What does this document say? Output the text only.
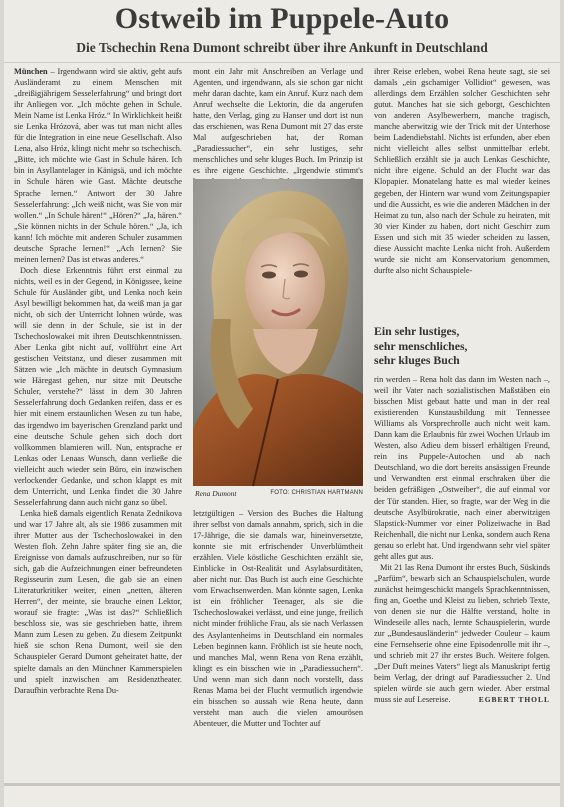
Ostweib im Puppele-Auto
Die Tschechin Rena Dumont schreibt über ihre Ankunft in Deutschland

München – Irgendwann wird sie aktiv, geht aufs Ausländeramt zu einem Menschen mit „dreißigjährigem Sesselerfahrung“ und bringt dort ihr Anliegen vor. „Ich möchte gehen in Schule. Mein Name ist Lenka Hróz.“ In Wirklichkeit heißt sie Lenka Hrózová, aber was tut man nicht alles für die Integration in eine neue Gesellschaft. Also Lena, also Hróz, klingt nicht mehr so tschechisch. „Bitte, ich möchte wie Gast in Schule hären. Ich bin in Asyllantelager in Känigsä, und ich möchte in Schule hären wie Gast. Mächte deutsche Sprache lernen.“ Antwort der 30 Jahre Sesselerfahrung: „Ich weiß nicht, was Sie von mir wollen.“ „In Schule hären!“ „Hören?“ „Ja, hären.“ „Sie können nichts in der Schule hören.“ „Ja, ich kann! Ich möchte mit anderen Schuler zusammen deutsche Sprache lernen!“ „Ach lernen? Sie meinen lernen? Das ist etwas anderes.“

Doch diese Erkenntnis führt erst einmal zu nichts, weil es in der Gegend, in Königssee, keine Schule für Ausländer gibt, und Lenka noch kein Asyl bewilligt bekommen hat, da weiß man ja gar nicht, ob sich der Unterricht lohnen würde, was will sie denn in der Schule, sie ist in der Tschechoslowakei mit ihren Deutschkenntnissen. Aber Lenka gibt nicht auf, vollführt eine Art gestischen Veitstanz, und dieser zusammen mit Sätzen wie „Ich mächte in deutsch Gymnasium wie Häregast gehen, nur sitze mit Deutsche Schuler, verstehe?“ lässt in dem 30 Jahren Sesselerfahrung doch Gedanken reifen, dass er es hier mit einem erstaunlichen Wesen zu tun habe, das irgendwo im bayerischen Grenzland parkt und eine deutsche Schule gehen sich doch dort vollkommen blamieren will. Nun, entsprache er Lenkas oder Lenaas Wunsch, dann verließe die vielleicht auch wieder sein Büro, ein inzwischen verlockender Gedanke, und schon klappt es mit dem Unterricht, und Lenka findet die 30 Jahre Sesselerfahrung dann auch nicht ganz so übel.

Lenka hieß damals eigentlich Renata Zednikova und war 17 Jahre alt, als sie 1986 zusammen mit ihrer Mutter aus der Tschechoslowakei in den Westen floh. Zehn Jahre später fing sie an, die Ereignisse von damals aufzuschreiben, nur so für sich, gab die Aufzeichnungen einer befreundeten Regisseurin zum Lesen, die gab sie an einen Literaturkritiker weiter, einen „netten, älteren Herren“, der meinte, sie brauche einen Lektor, worauf sie fragte: „Was ist das?“ Schließlich beschloss sie, was sie geschrieben hatte, ihrem Mann zum Lesen zu geben. Zu diesem Zeitpunkt hieß sie schon Rena Dumont, weil sie den Schauspieler Gerard Dumont geheiratet hatte, der spielte damals an den Münchner Kammerspielen und spielt inzwischen am Residenztheater. Daraufhin verbrachte Rena Du-

mont ein Jahr mit Anschreiben an Verlage und Agenten, und irgendwann, als sie schon gar nicht mehr daran dachte, kam ein Anruf. Kurz nach dem Anruf wechselte die Lektorin, die da angerufen hatte, den Verlag, ging zu Hanser und dort ist nun das erschienen, was Rena Dumont mit 27 das erste Mal aufgeschrieben hat, der Roman „Paradiessucher“, ein sehr lustiges, sehr menschliches und sehr kluges Buch. Im Prinzip ist es ihre eigene Geschichte. „Irgendwie stimmt's

ihrer Reise erleben, wobei Rena heute sagt, sie sei damals „ein gschamiger Vollidiot“ gewesen, was allerdings dem Erzählen solcher Geschichten sehr gutut. Manches hat sie sich geborgt, Geschichten von anderen Asylbewerbern, manche tragisch, manche aberwitzig wie der Trick mit der Unterhose beim Ladendiebstahl. Nichts ist erfunden, aber eben nicht vielleicht alles selbst unmittelbar erlebt. Schließlich erzählt sie ja auch Lenkas Geschichte, nicht ihre eigene. Schuld an der Flucht war das Klopapier. Monatelang hatte es mal wieder keines gegeben, der Hintern war wund vom Zeitungspapier und die Aussicht, es wie die anderen Mädchen in der Heimat zu tun, also nach der Schule zu heiraten, mit 30 vier Kinder zu haben, dort nicht Geschirr zum Essen und sich mit 35 wieder scheiden zu lassen, diese Aussicht machte Lenka nicht froh. Außerdem wurde sie nicht am Konservatorium genommen, durfte also nicht Schauspiele-

Ein sehr lustiges,
sehr menschliches,
sehr kluges Buch
Rena Dumont	FOTO: CHRISTIAN HARTMANN

letztgültigen – Version des Buches die Haltung ihrer selbst von damals annahm, sprich, sich in die 17-Jährige, die sie damals war, hineinversetzte, konnte sie mit erfrischender Unverblümtheit erzählen. Viele köstliche Geschichten erzählt sie, Einblicke in Ost-Realität und Asylabsurditäten, aber nicht nur. Das Buch ist auch eine Geschichte vom Erwachsenwerden. Man könnte sagen, Lenka ist ein fröhlicher Teenager, als sie die Tschechoslowakei verlässt, und eine junge, freilich nicht minder fröhliche Frau, als sie nach Verlassen des Asylantenheims in Deutschland ein normales Leben beginnen kann. Fröhlich ist sie heute noch, und manches Mal, wenn Rena von Rena erzählt, klingt es ein bisschen wie in „Paradiessuchern“. Und wenn man sich dann noch vorstellt, dass Renas Mama bei der Flucht vermutlich irgendwie ein bisschen so aussah wie Rena heute, dann versteht man auch die vielen amourösen Abenteuer, die Mutter und Tochter auf

rin werden – Rena holt das dann im Westen nach –, weil ihr Vater nach sozialistischen Maßstäben ein bisschen Mist gebaut hatte und man in der real existierenden Kunstausbildung mit Tennessee Williams als Vorsprechrolle auch nicht weit kam. Dann kam die Erlaubnis für zwei Wochen Urlaub im Westen, also Adieu dem bisserl erhältigen Freund, rein ins Puppele-Autochen und ab nach Deutschland, wo die dort bereits ansässigen Freunde und Verwandten erst einmal erschraken über die beiden gefräßigen „Ostweiber“, die auf einmal vor der Tür standen. Hier, so fragte, war der Weg in die deutsche Asylbürokratie, nach einer aberwitzigen Slapstick-Nummer vor einer Polizeiwache in Bad Reichenhall, die nicht nur Lenka, sondern auch Rena genau so erlebt hat. Und irgendwann sehr viel später geht alles gut aus.

Mit 21 las Rena Dumont ihr erstes Buch, Süskinds „Parfüm“, bewarb sich an Schauspielschulen, wurde zunächst heimgeschickt mangels Sprachkenntnissen, fing an, Goethe und Kleist zu lieben, schrieb Texte, von denen sie nur die Hälfte verstand, holte in Windeseile alles nach, lernte Schauspielerin, wurde zur „Bundesausländerin“ jedweder Couleur – kaum eine Fernsehserie ohne eine Episodenrolle mit ihr –, und schrieb mit 27 ihr erstes Buch. Weitere folgen. „Der Duft meines Vaters“ liegt als Manuskript fertig beim Verlag, der dringt auf Paradiessucher 2. Und spielen würde sie auch gern wieder. Aber erstmal muss sie auf Lesereise.	EGBERT THOLL
